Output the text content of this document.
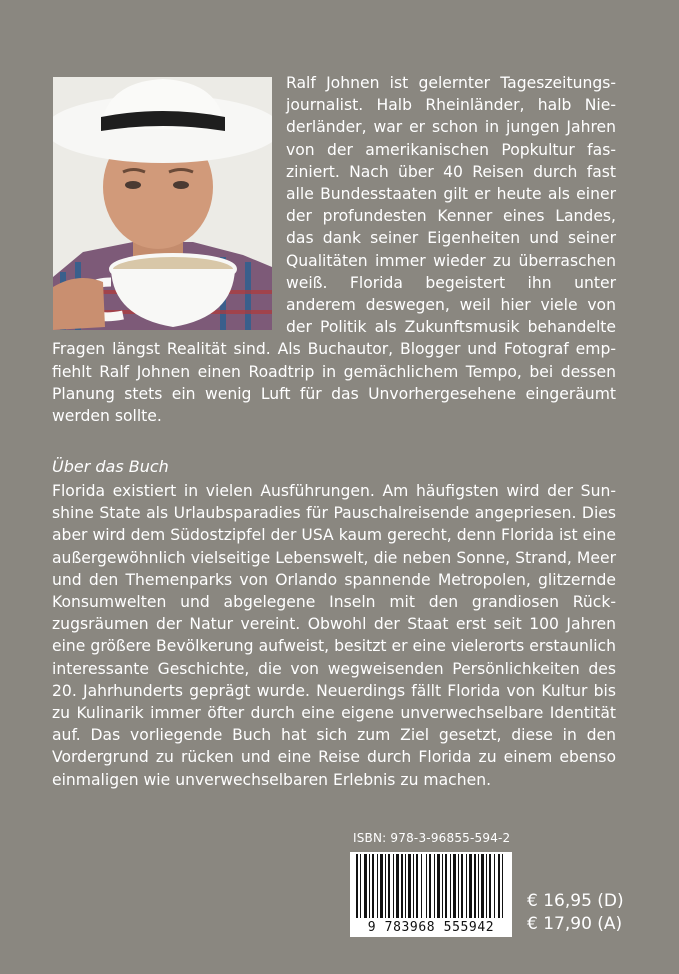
Ralf Johnen ist gelernter Tageszeitungsjournalist. Halb Rheinländer, halb Niederländer, war er schon in jungen Jahren von der amerikanischen Popkultur fasziniert. Nach über 40 Reisen durch fast alle Bundesstaaten gilt er heute als einer der profundesten Kenner eines Landes, das dank seiner Eigenheiten und seiner Qualitäten immer wieder zu überraschen weiß. Florida begeistert ihn unter anderem deswegen, weil hier viele von der Politik als Zukunftsmusik behandelte Fragen längst Realität sind. Als Buchautor, Blogger und Fotograf empfiehlt Ralf Johnen einen Roadtrip in gemächlichem Tempo, bei dessen Planung stets ein wenig Luft für das Unvorhergesehene eingeräumt werden sollte.

Über das Buch

Florida existiert in vielen Ausführungen. Am häufigsten wird der Sunshine State als Urlaubsparadies für Pauschalreisende angepriesen. Dies aber wird dem Südostzipfel der USA kaum gerecht, denn Florida ist eine außergewöhnlich vielseitige Lebenswelt, die neben Sonne, Strand, Meer und den Themenparks von Orlando spannende Metropolen, glitzernde Konsumwelten und abgelegene Inseln mit den grandiosen Rückzugsräumen der Natur vereint. Obwohl der Staat erst seit 100 Jahren eine größere Bevölkerung aufweist, besitzt er eine vielerorts erstaunlich interessante Geschichte, die von wegweisenden Persönlichkeiten des 20. Jahrhunderts geprägt wurde. Neuerdings fällt Florida von Kultur bis zu Kulinarik immer öfter durch eine eigene unverwechselbare Identität auf. Das vorliegende Buch hat sich zum Ziel gesetzt, diese in den Vordergrund zu rücken und eine Reise durch Florida zu einem ebenso einmaligen wie unverwechselbaren Erlebnis zu machen.

ISBN: 978-3-96855-594-2
9 783968 555942
€ 16,95 (D)
€ 17,90 (A)
